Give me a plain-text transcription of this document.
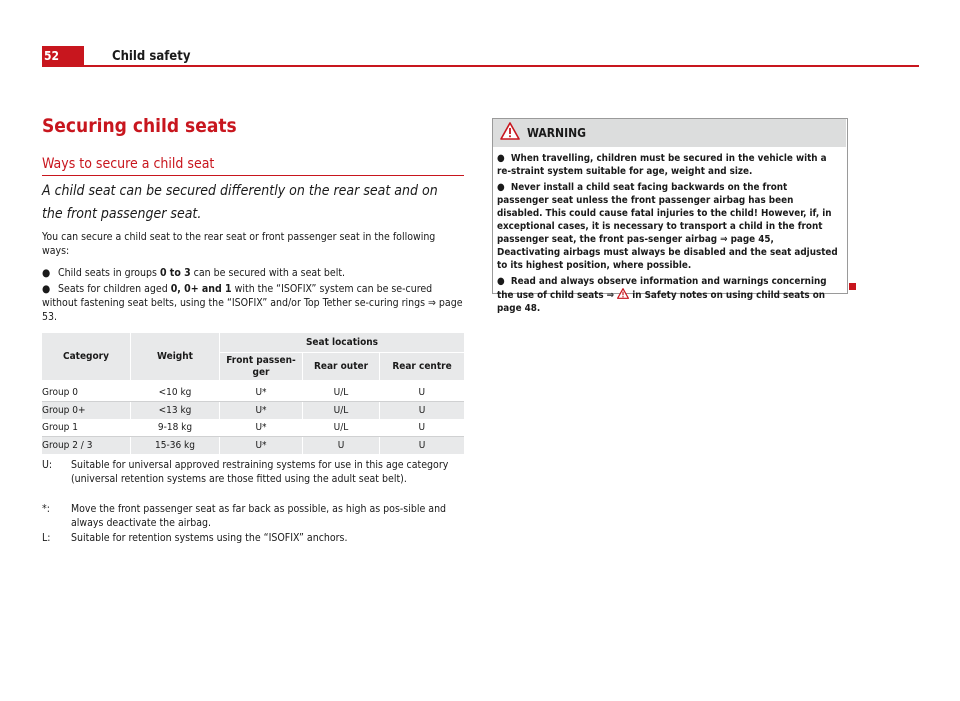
52	Child safety
Securing child seats
Ways to secure a child seat
A child seat can be secured differently on the rear seat and on the front passenger seat.
You can secure a child seat to the rear seat or front passenger seat in the following ways:
● Child seats in groups 0 to 3 can be secured with a seat belt.
● Seats for children aged 0, 0+ and 1 with the “ISOFIX” system can be se-cured without fastening seat belts, using the “ISOFIX” and/or Top Tether se-curing rings ⇒ page 53.
Category	Weight	Seat locations		
		Front passen-ger	Rear outer	Rear centre

Group 0	<10 kg	U*	U/L	U
Group 0+	<13 kg	U*	U/L	U
Group 1	9-18 kg	U*	U/L	U
Group 2 / 3	15-36 kg	U*	U	U
U: Suitable for universal approved restraining systems for use in this age category (universal retention systems are those fitted using the adult seat belt).
*: Move the front passenger seat as far back as possible, as high as pos-sible and always deactivate the airbag.
L: Suitable for retention systems using the “ISOFIX” anchors.
WARNING
●  When travelling, children must be secured in the vehicle with a re-straint system suitable for age, weight and size.
●  Never install a child seat facing backwards on the front passenger seat unless the front passenger airbag has been disabled. This could cause fatal injuries to the child! However, if, in exceptional cases, it is necessary to transport a child in the front passenger seat, the front pas-senger airbag ⇒ page 45, Deactivating airbags must always be disabled and the seat adjusted to its highest position, where possible.
●  Read and always observe information and warnings concerning the use of child seats ⇒  in Safety notes on using child seats on page 48.
